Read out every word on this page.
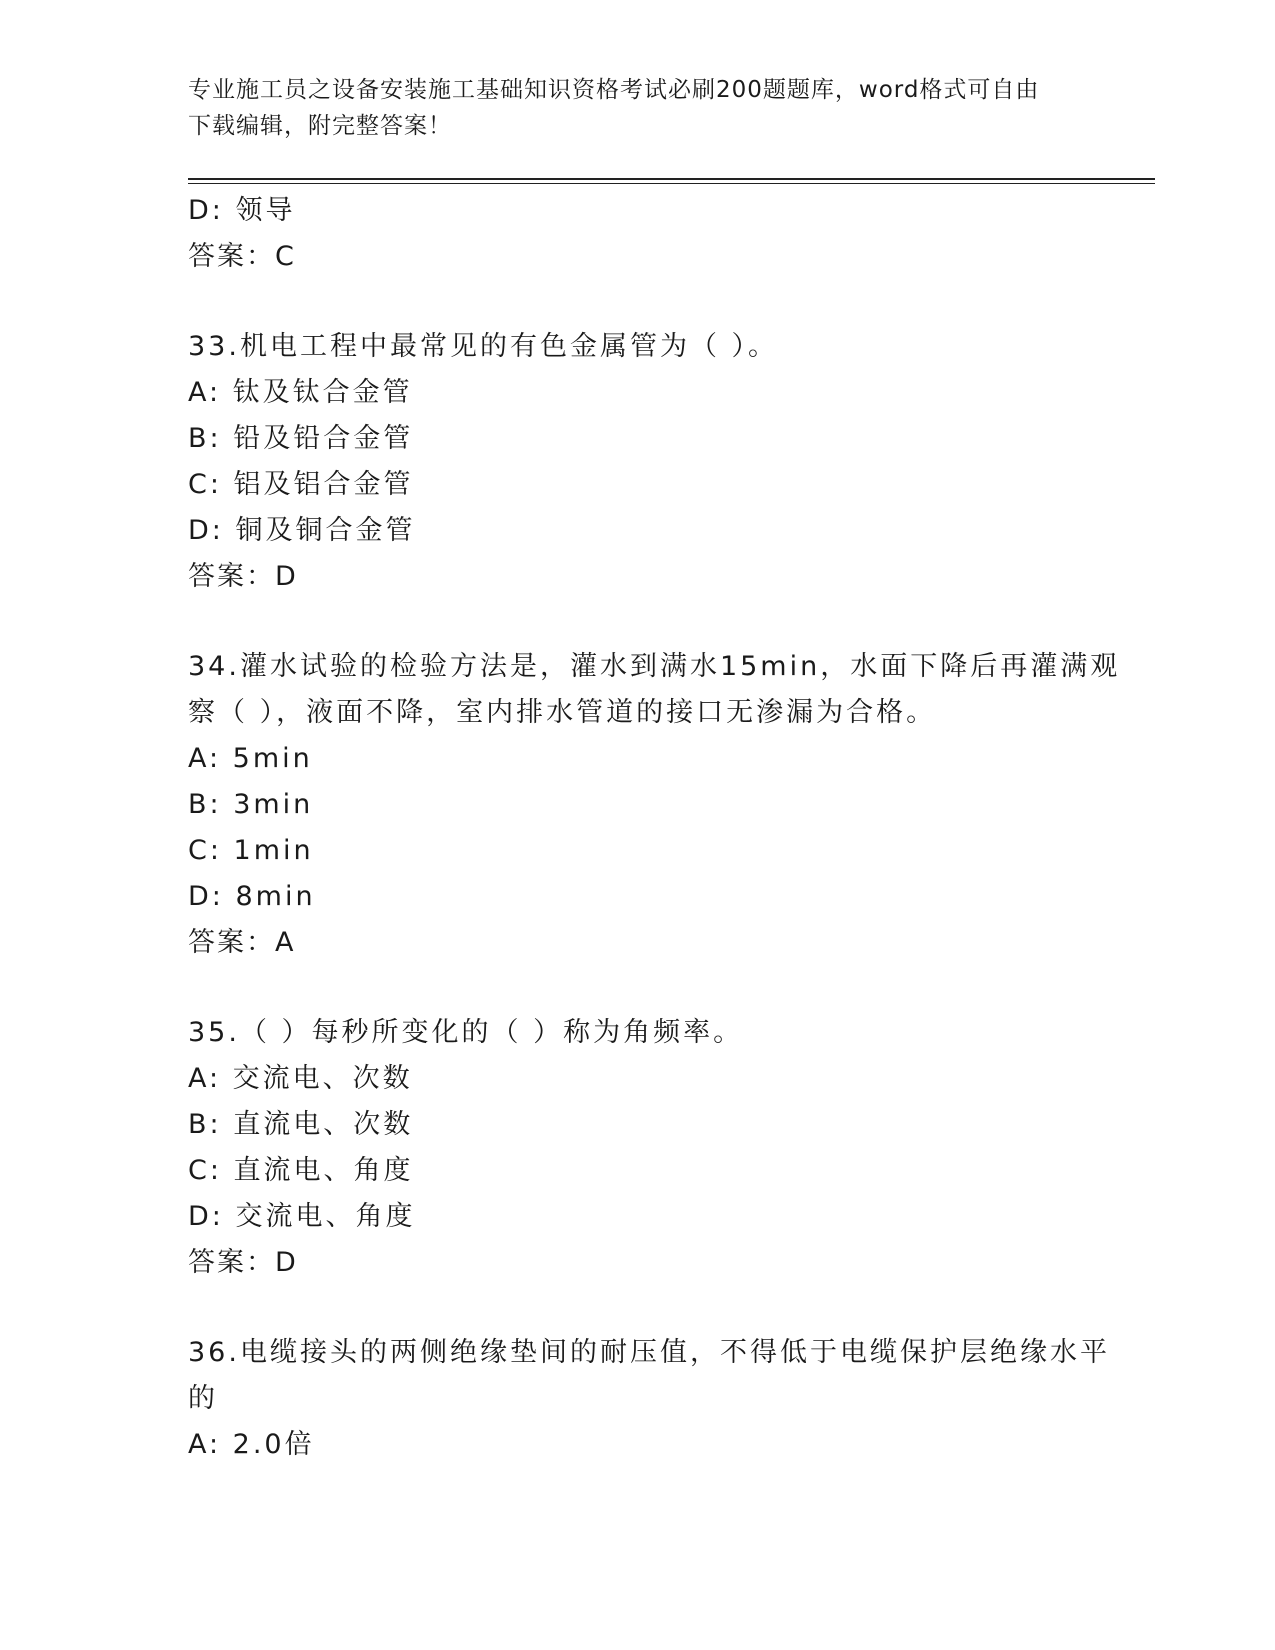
专业施工员之设备安装施工基础知识资格考试必刷200题题库，word格式可自由
下载编辑，附完整答案！
D: 领导
答案：C
33.机电工程中最常见的有色金属管为（ ）。
A: 钛及钛合金管
B: 铅及铅合金管
C: 铝及铝合金管
D: 铜及铜合金管
答案：D
34.灌水试验的检验方法是，灌水到满水15min，水面下降后再灌满观
察（ ），液面不降，室内排水管道的接口无渗漏为合格。
A: 5min
B: 3min
C: 1min
D: 8min
答案：A
35.（ ）每秒所变化的（ ）称为角频率。
A: 交流电、次数
B: 直流电、次数
C: 直流电、角度
D: 交流电、角度
答案：D
36.电缆接头的两侧绝缘垫间的耐压值，不得低于电缆保护层绝缘水平
的
A: 2.0倍
